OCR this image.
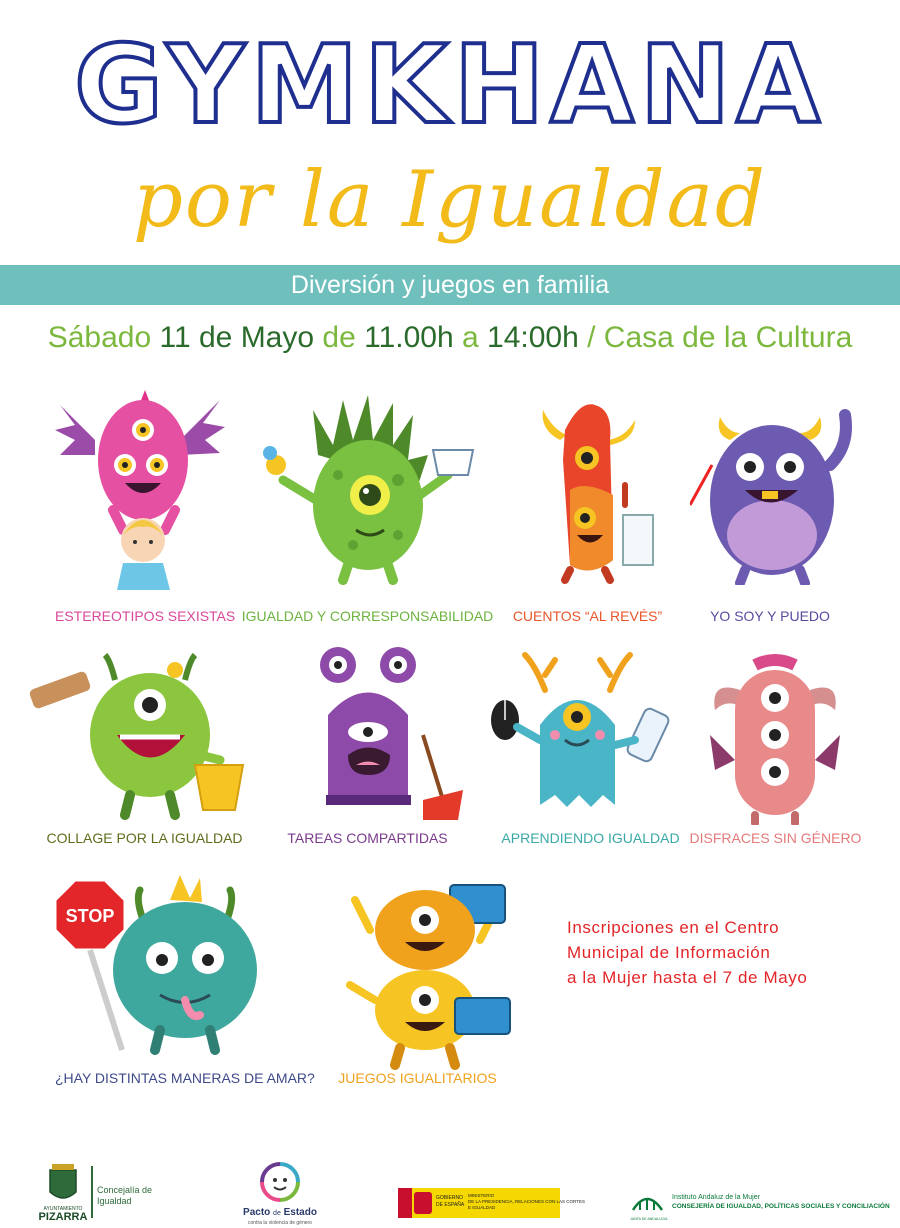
GYMKHANA
por la Igualdad
Diversión y juegos en familia
Sábado 11 de Mayo de 11.00h a 14:00h / Casa de la Cultura
ESTEREOTIPOS SEXISTAS IGUALDAD Y CORRESPONSABILIDAD	CUENTOS “AL REVÉS”	YO SOY Y PUEDO
COLLAGE POR LA IGUALDAD	TAREAS COMPARTIDAS	APRENDIENDO IGUALDAD DISFRACES SIN GÉNERO
STOP
¿HAY DISTINTAS MANERAS DE AMAR? JUEGOS IGUALITARIOS
Inscripciones en el Centro
Municipal de Información
a la Mujer hasta el 7 de Mayo
AYUNTAMIENTO
PIZARRA
Concejalía de
Igualdad
Pacto de Estado
contra la violencia de género
GOBIERNO
DE ESPAÑA
MINISTERIO
DE LA PRESIDENCIA, RELACIONES CON LAS CORTES
E IGUALDAD
JUNTA DE ANDALUCIA
Instituto Andaluz de la Mujer
CONSEJERÍA DE IGUALDAD, POLÍTICAS SOCIALES Y CONCILIACIÓN
